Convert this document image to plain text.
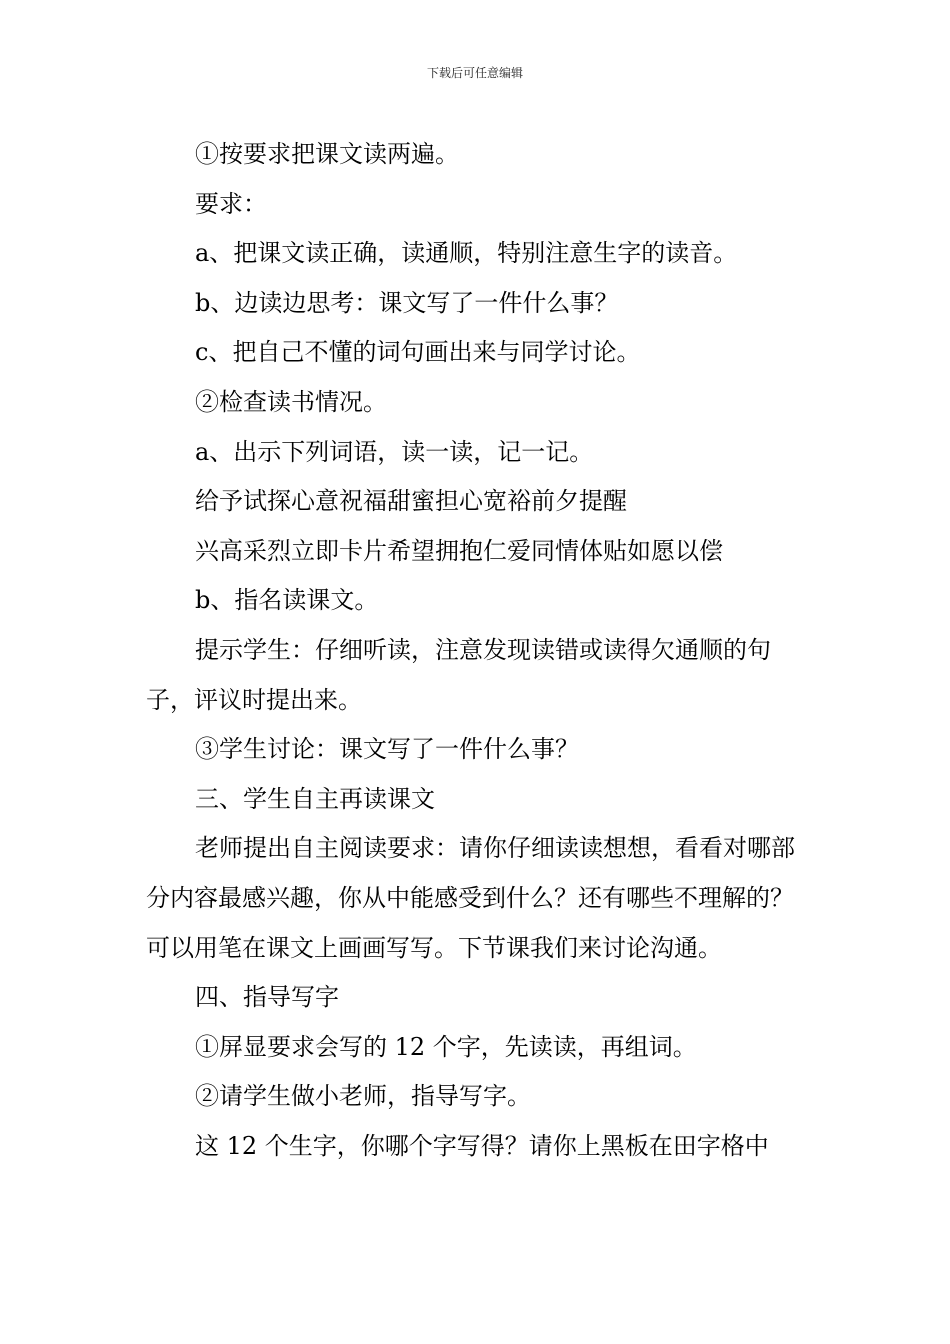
下载后可任意编辑

①按要求把课文读两遍。

要求：

a、把课文读正确，读通顺，特别注意生字的读音。

b、边读边思考：课文写了一件什么事？

c、把自己不懂的词句画出来与同学讨论。

②检查读书情况。

a、出示下列词语，读一读，记一记。

给予试探心意祝福甜蜜担心宽裕前夕提醒

兴高采烈立即卡片希望拥抱仁爱同情体贴如愿以偿

b、指名读课文。

提示学生：仔细听读，注意发现读错或读得欠通顺的句子，评议时提出来。

③学生讨论：课文写了一件什么事？

三、学生自主再读课文

老师提出自主阅读要求：请你仔细读读想想，看看对哪部分内容最感兴趣，你从中能感受到什么？还有哪些不理解的？可以用笔在课文上画画写写。下节课我们来讨论沟通。

四、指导写字

①屏显要求会写的 12 个字，先读读，再组词。

②请学生做小老师，指导写字。

这 12 个生字，你哪个字写得？请你上黑板在田字格中
